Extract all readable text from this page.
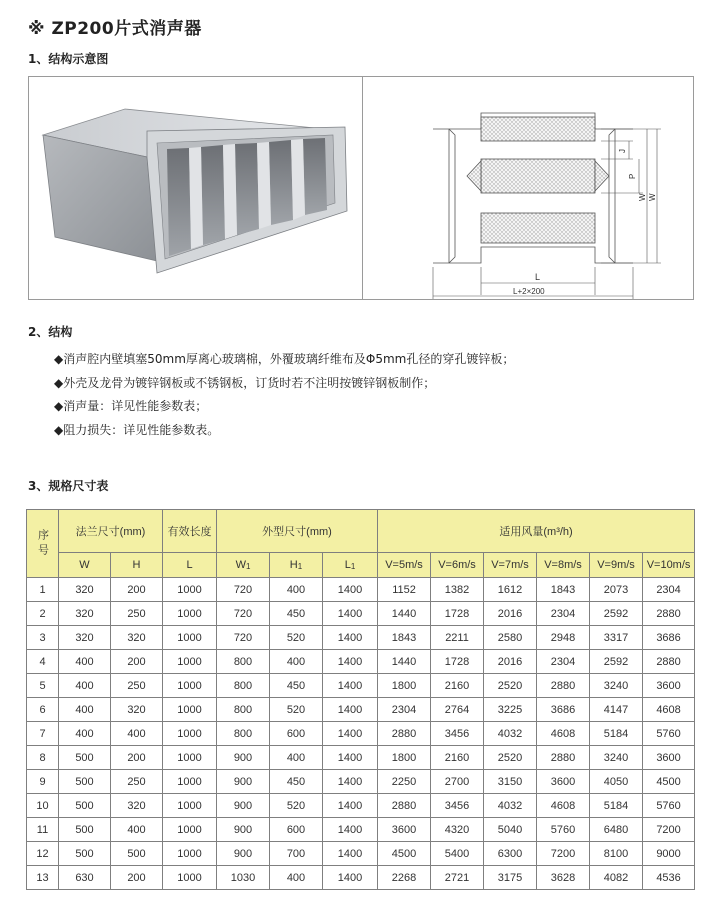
※ ZP200片式消声器
1、结构示意图
L
L+2×200
J
P
W W
2、结构
◆消声腔内壁填塞50mm厚离心玻璃棉，外覆玻璃纤维布及Φ5mm孔径的穿孔镀锌板；
◆外壳及龙骨为镀锌钢板或不锈钢板，订货时若不注明按镀锌钢板制作；
◆消声量：详见性能参数表；
◆阻力损失：详见性能参数表。
3、规格尺寸表
序号	法兰尺寸(mm)		有效长度	外型尺寸(mm)			适用风量(m³/h)					
	W	H	L	$W_1$	$H_1$	$L_1$	V=5m/s	V=6m/s	V=7m/s	V=8m/s	V=9m/s	V=10m/s
1	320	200	1000	720	400	1400	1152	1382	1612	1843	2073	2304
2	320	250	1000	720	450	1400	1440	1728	2016	2304	2592	2880
3	320	320	1000	720	520	1400	1843	2211	2580	2948	3317	3686
4	400	200	1000	800	400	1400	1440	1728	2016	2304	2592	2880
5	400	250	1000	800	450	1400	1800	2160	2520	2880	3240	3600
6	400	320	1000	800	520	1400	2304	2764	3225	3686	4147	4608
7	400	400	1000	800	600	1400	2880	3456	4032	4608	5184	5760
8	500	200	1000	900	400	1400	1800	2160	2520	2880	3240	3600
9	500	250	1000	900	450	1400	2250	2700	3150	3600	4050	4500
10	500	320	1000	900	520	1400	2880	3456	4032	4608	5184	5760
11	500	400	1000	900	600	1400	3600	4320	5040	5760	6480	7200
12	500	500	1000	900	700	1400	4500	5400	6300	7200	8100	9000
13	630	200	1000	1030	400	1400	2268	2721	3175	3628	4082	4536
